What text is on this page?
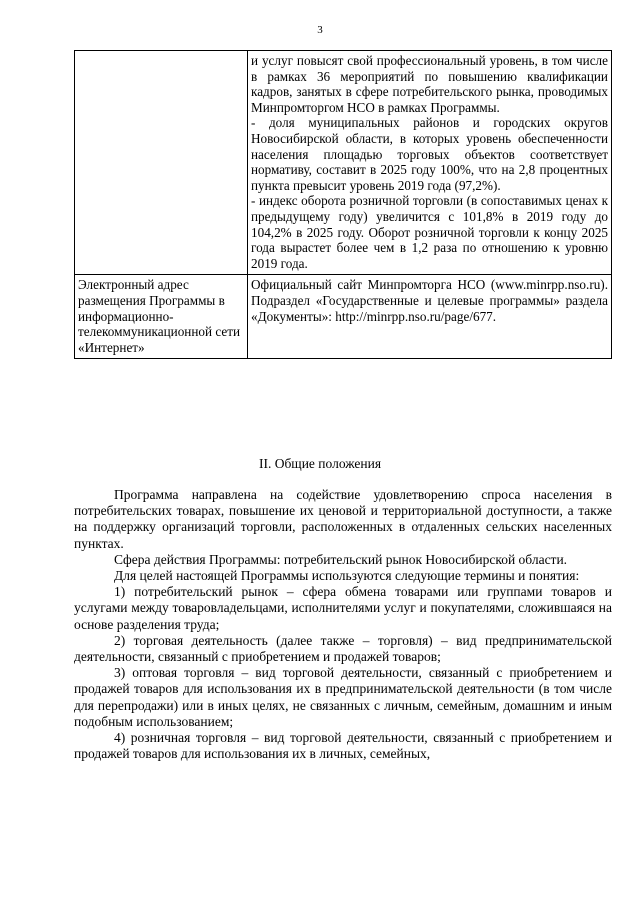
3

	и услуг повысят свой профессиональный уровень, в том числе в рамках 36 мероприятий по повышению квалификации кадров, занятых в сфере потребительского рынка, проводимых Минпромторгом НСО в рамках Программы.
- доля муниципальных районов и городских округов Новосибирской области, в которых уровень обеспеченности населения площадью торговых объектов соответствует нормативу, составит в 2025 году 100%, что на 2,8 процентных пункта превысит уровень 2019 года (97,2%).
- индекс оборота розничной торговли (в сопоставимых ценах к предыдущему году) увеличится с 101,8% в 2019 году до 104,2% в 2025 году. Оборот розничной торговли к концу 2025 года вырастет более чем в 1,2 раза по отношению к уровню 2019 года.

Электронный адрес размещения Программы в информационно-телекоммуникационной сети «Интернет»	Официальный сайт Минпромторга НСО (www.minrpp.nso.ru). Подраздел «Государственные и целевые программы» раздела «Документы»: http://minrpp.nso.ru/page/677.
II. Общие положения

Программа направлена на содействие удовлетворению спроса населения в потребительских товарах, повышение их ценовой и территориальной доступности, а также на поддержку организаций торговли, расположенных в отдаленных сельских населенных пунктах.

Сфера действия Программы: потребительский рынок Новосибирской области.

Для целей настоящей Программы используются следующие термины и понятия:

1) потребительский рынок – сфера обмена товарами или группами товаров и услугами между товаровладельцами, исполнителями услуг и покупателями, сложившаяся на основе разделения труда;

2) торговая деятельность (далее также – торговля) – вид предпринимательской деятельности, связанный с приобретением и продажей товаров;

3) оптовая торговля – вид торговой деятельности, связанный с приобретением и продажей товаров для использования их в предпринимательской деятельности (в том числе для перепродажи) или в иных целях, не связанных с личным, семейным, домашним и иным подобным использованием;

4) розничная торговля – вид торговой деятельности, связанный с приобретением и продажей товаров для использования их в личных, семейных,
